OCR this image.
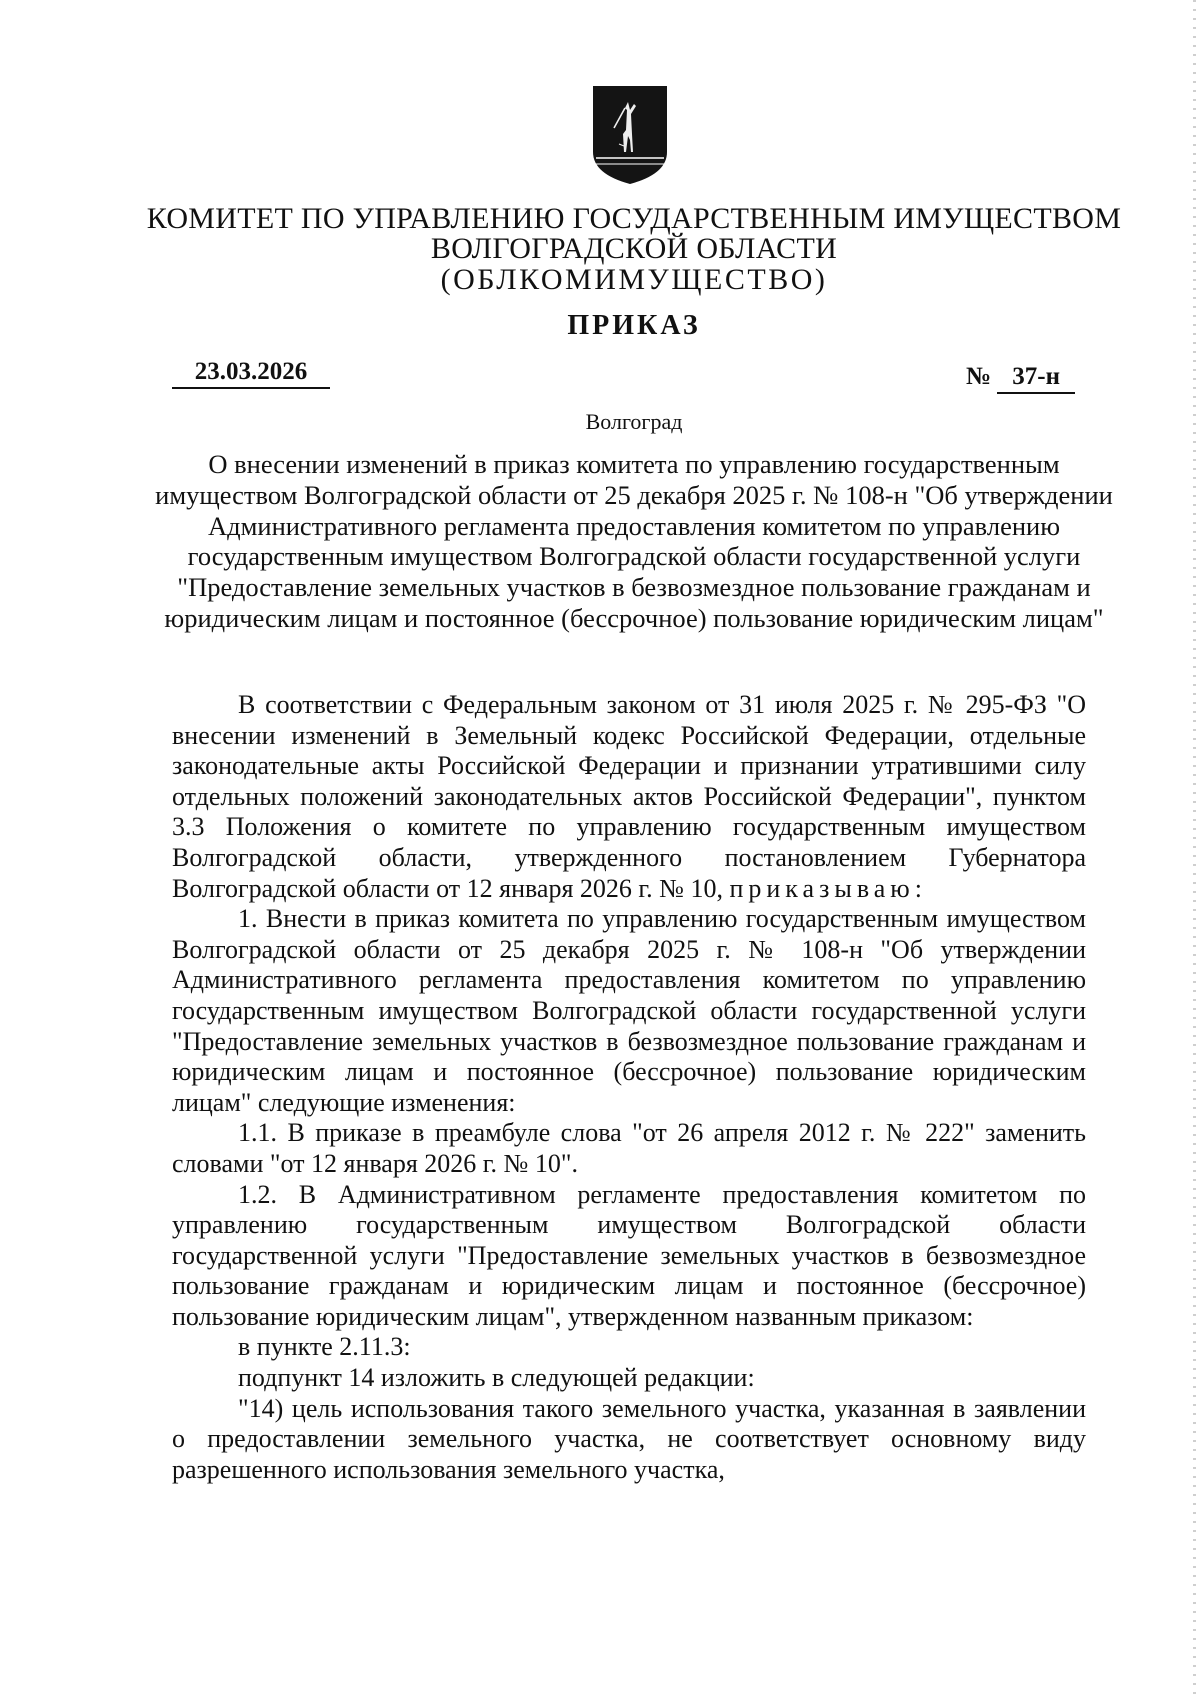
КОМИТЕТ ПО УПРАВЛЕНИЮ ГОСУДАРСТВЕННЫМ ИМУЩЕСТВОМ
ВОЛГОГРАДСКОЙ ОБЛАСТИ
(ОБЛКОМИМУЩЕСТВО)
ПРИКАЗ
23.03.2026	№ 37-н
Волгоград
О внесении изменений в приказ комитета по управлению государственным имуществом Волгоградской области от 25 декабря 2025 г. № 108-н "Об утверждении Административного регламента предоставления комитетом по управлению государственным имуществом Волгоградской области государственной услуги "Предоставление земельных участков в безвозмездное пользование гражданам и юридическим лицам и постоянное (бессрочное) пользование юридическим лицам"

В соответствии с Федеральным законом от 31 июля 2025 г. № 295-ФЗ "О внесении изменений в Земельный кодекс Российской Федерации, отдельные законодательные акты Российской Федерации и признании утратившими силу отдельных положений законодательных актов Российской Федерации", пунктом 3.3 Положения о комитете по управлению государственным имуществом Волгоградской области, утвержденного постановлением Губернатора Волгоградской области от 12 января 2026 г. № 10, приказываю:

1. Внести в приказ комитета по управлению государственным имуществом Волгоградской области от 25 декабря 2025 г. № 108-н "Об утверждении Административного регламента предоставления комитетом по управлению государственным имуществом Волгоградской области государственной услуги "Предоставление земельных участков в безвозмездное пользование гражданам и юридическим лицам и постоянное (бессрочное) пользование юридическим лицам" следующие изменения:

1.1. В приказе в преамбуле слова "от 26 апреля 2012 г. № 222" заменить словами "от 12 января 2026 г. № 10".

1.2. В Административном регламенте предоставления комитетом по управлению государственным имуществом Волгоградской области государственной услуги "Предоставление земельных участков в безвозмездное пользование гражданам и юридическим лицам и постоянное (бессрочное) пользование юридическим лицам", утвержденном названным приказом:

в пункте 2.11.3:

подпункт 14 изложить в следующей редакции:

"14) цель использования такого земельного участка, указанная в заявлении о предоставлении земельного участка, не соответствует основному виду разрешенного использования земельного участка,
